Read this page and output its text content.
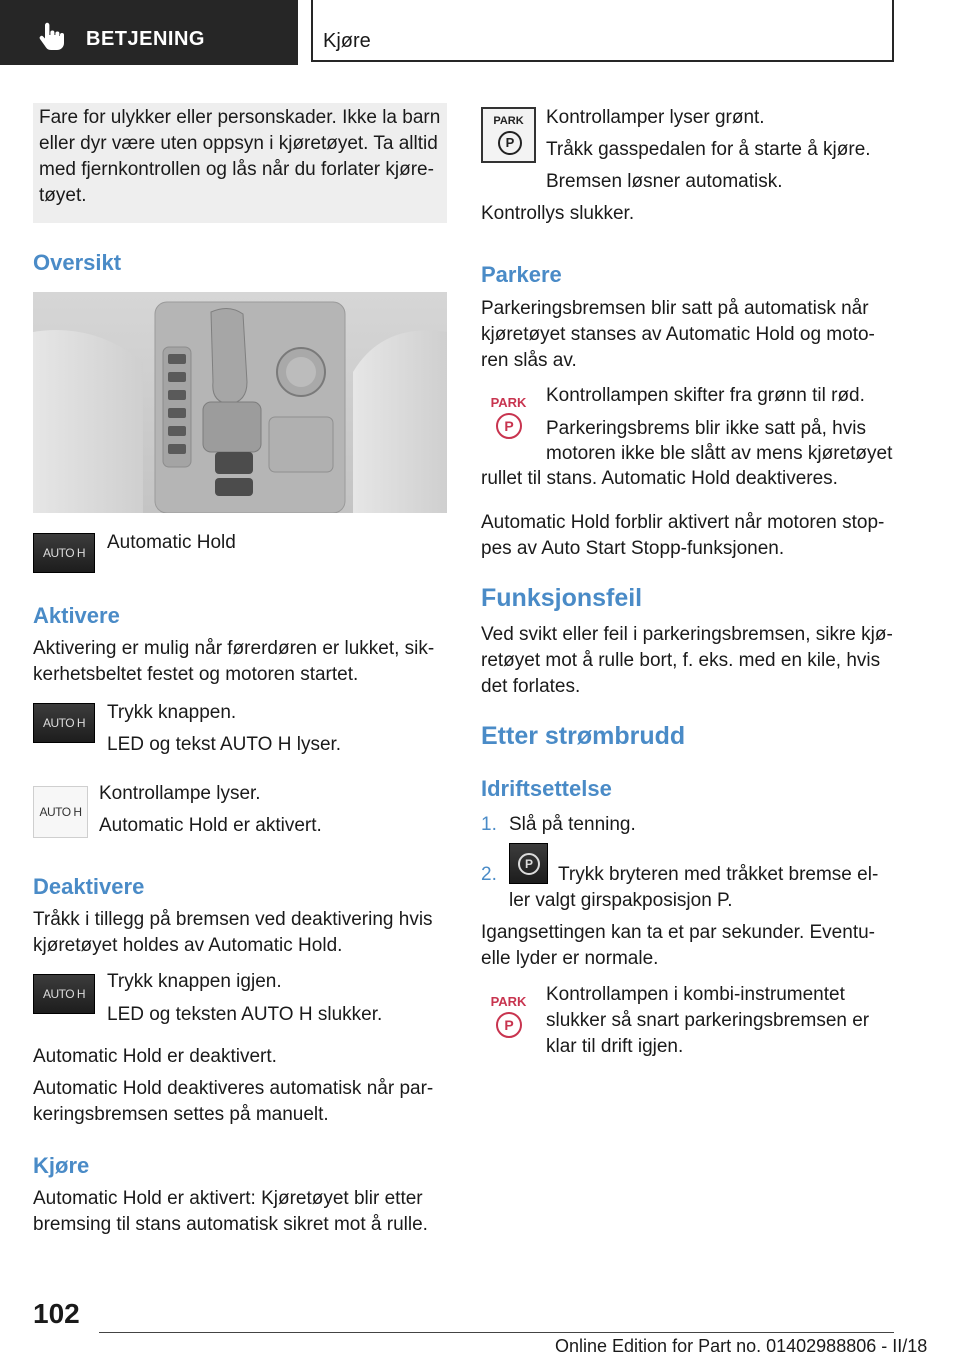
BETJENING	Kjøre
Fare for ulykker eller personskader. Ikke la barn
eller dyr være uten oppsyn i kjøretøyet. Ta alltid
med fjernkontrollen og lås når du forlater kjøre-
tøyet.
Oversikt
AUTO H Automatic Hold
Aktivere
Aktivering er mulig når førerdøren er lukket, sik-
kerhetsbeltet festet og motoren startet.
AUTO H Trykk knappen.
LED og tekst AUTO H lyser.
AUTO H
Kontrollampe lyser.
Automatic Hold er aktivert.
Deaktivere
Tråkk i tillegg på bremsen ved deaktivering hvis
kjøretøyet holdes av Automatic Hold.
AUTO H
Trykk knappen igjen.
LED og teksten AUTO H slukker.
Automatic Hold er deaktivert.
Automatic Hold deaktiveres automatisk når par-
keringsbremsen settes på manuelt.
Kjøre
Automatic Hold er aktivert: Kjøretøyet blir etter
bremsing til stans automatisk sikret mot å rulle.
PARK
P
Kontrollamper lyser grønt.
Tråkk gasspedalen for å starte å kjøre.
Bremsen løsner automatisk.
Kontrollys slukker.
Parkere
Parkeringsbremsen blir satt på automatisk når
kjøretøyet stanses av Automatic Hold og moto-
ren slås av.
PARK
P
Kontrollampen skifter fra grønn til rød.
Parkeringsbrems blir ikke satt på, hvis
motoren ikke ble slått av mens kjøretøyet
rullet til stans. Automatic Hold deaktiveres.
Automatic Hold forblir aktivert når motoren stop-
pes av Auto Start Stopp-funksjonen.
Funksjonsfeil
Ved svikt eller feil i parkeringsbremsen, sikre kjø-
retøyet mot å rulle bort, f. eks. med en kile, hvis
det forlates.
Etter strømbrudd
Idriftsettelse
1. Slå på tenning.
2.	P	Trykk bryteren med tråkket bremse el-
ler valgt girspakposisjon P.
Igangsettingen kan ta et par sekunder. Eventu-
elle lyder er normale.
PARK
P
Kontrollampen i kombi-instrumentet
slukker så snart parkeringsbremsen er
klar til drift igjen.
102
Online Edition for Part no. 01402988806 - II/18
